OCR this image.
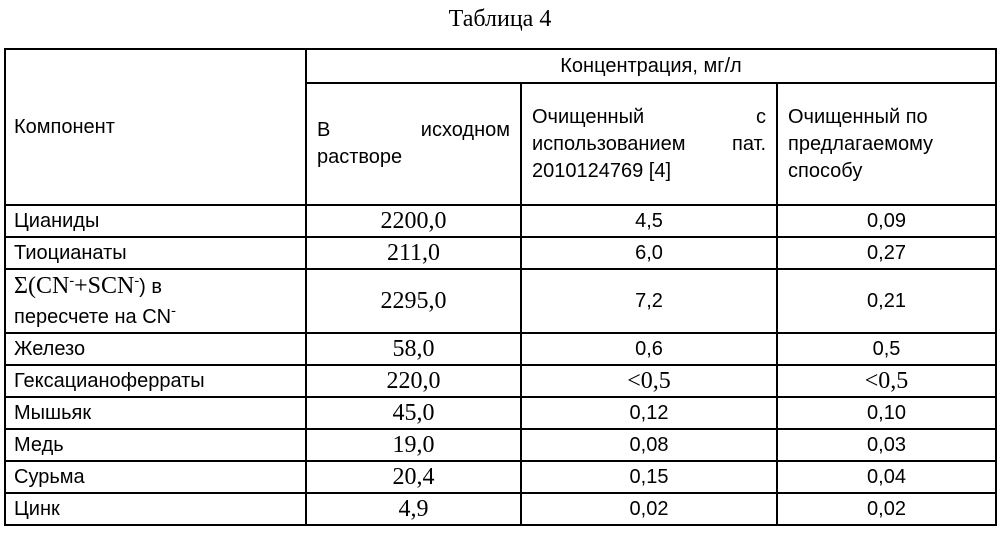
Таблица 4
Компонент	Концентрация, мг/л		
	В исходном растворе	Очищенный с использованием пат. 2010124769 [4]	Очищенный по предлагаемому способу
Цианиды	2200,0	4,5	0,09
Тиоцианаты	211,0	6,0	0,27

Σ(CN-+SCN-) в
пересчете на CN-	2295,0	7,2	0,21
Железо	58,0	0,6	0,5
Гексацианоферраты	220,0	<0,5	<0,5
Мышьяк	45,0	0,12	0,10
Медь	19,0	0,08	0,03
Сурьма	20,4	0,15	0,04
Цинк	4,9	0,02	0,02
